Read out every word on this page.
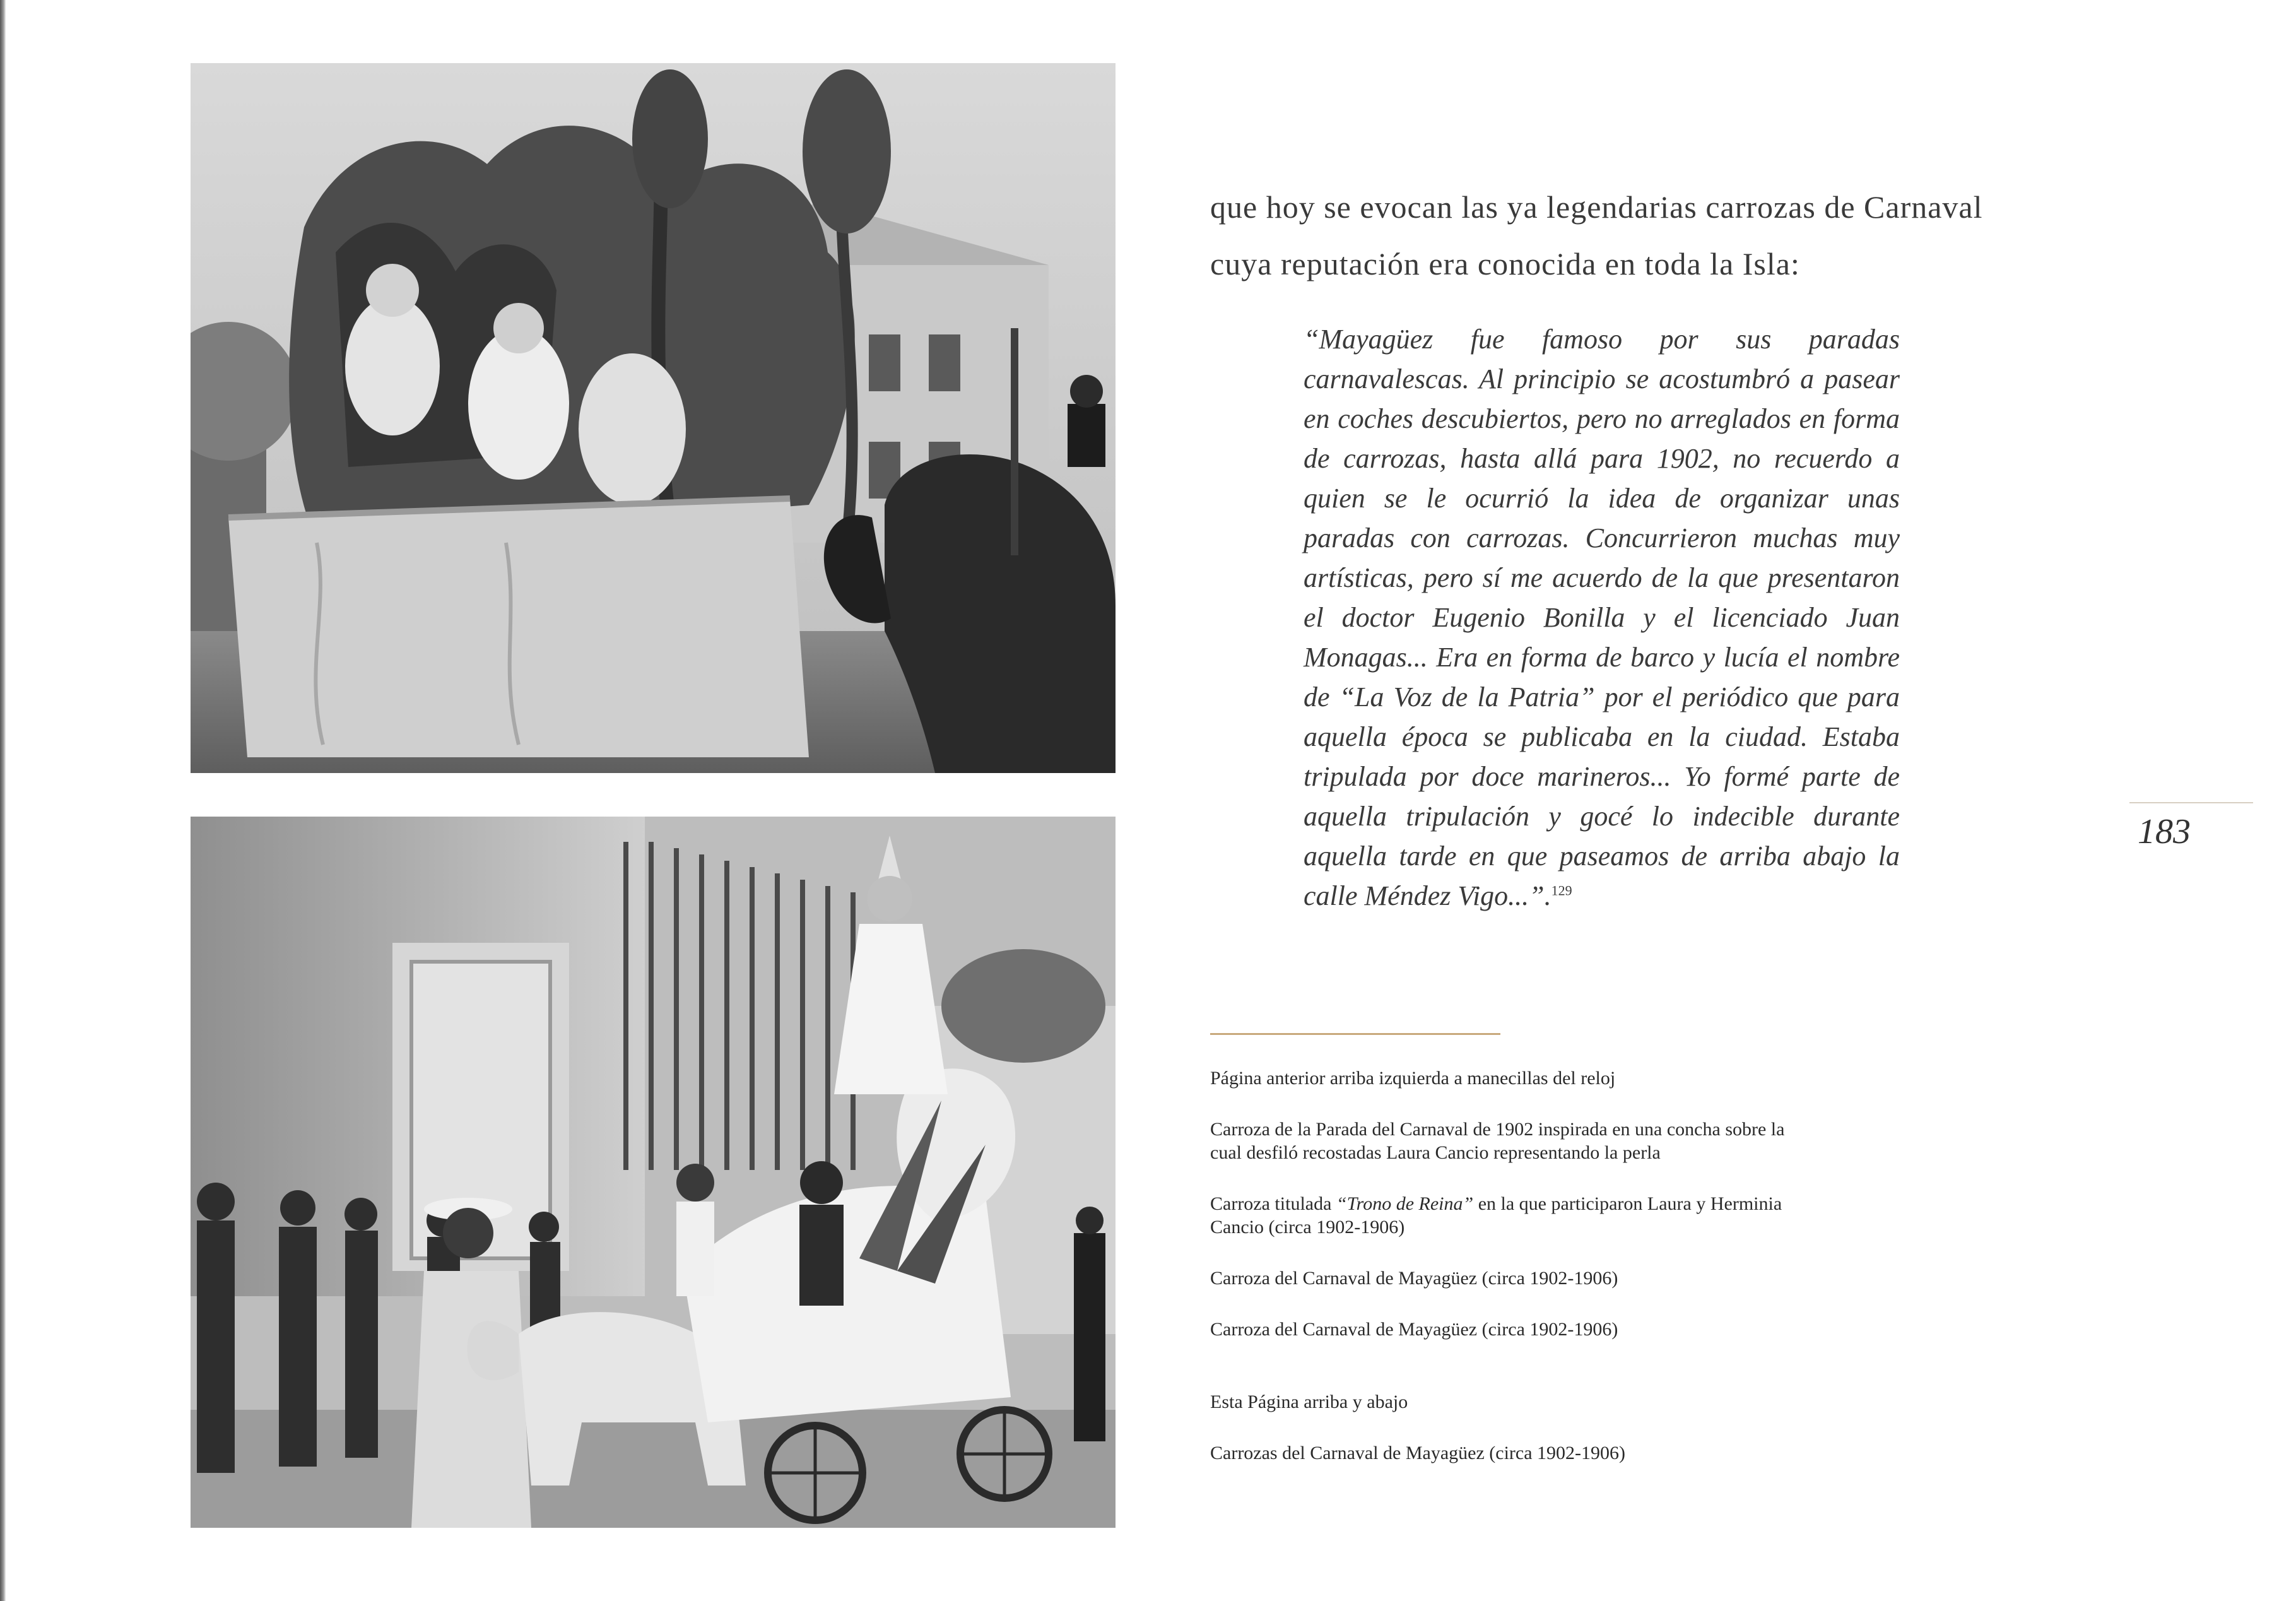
que hoy se evocan las ya legendarias carrozas de Carnaval

cuya reputación era conocida en toda la Isla:

“Mayagüez fue famoso por sus paradas carnavalescas. Al principio se acostumbró a pasear en coches descubiertos, pero no arreglados en forma de carrozas, hasta allá para 1902, no recuerdo a quien se le ocurrió la idea de organizar unas paradas con carrozas. Concurrieron muchas muy artísticas, pero sí me acuerdo de la que presentaron el doctor Eugenio Bonilla y el licenciado Juan Monagas... Era en forma de barco y lucía el nombre de “La Voz de la Patria” por el periódico que para aquella época se publicaba en la ciudad. Estaba tripulada por doce marineros... Yo formé parte de aquella tripulación y gocé lo indecible durante aquella tarde en que paseamos de arriba abajo la calle Méndez Vigo...”.$^{129}$

183

Página anterior arriba izquierda a manecillas del reloj

Carroza de la Parada del Carnaval de 1902 inspirada en una concha sobre la cual desfiló recostadas Laura Cancio representando la perla

Carroza titulada “Trono de Reina” en la que participaron Laura y Herminia Cancio (circa 1902-1906)

Carroza del Carnaval de Mayagüez (circa 1902-1906)

Carroza del Carnaval de Mayagüez (circa 1902-1906)

Esta Página arriba y abajo

Carrozas del Carnaval de Mayagüez (circa 1902-1906)
